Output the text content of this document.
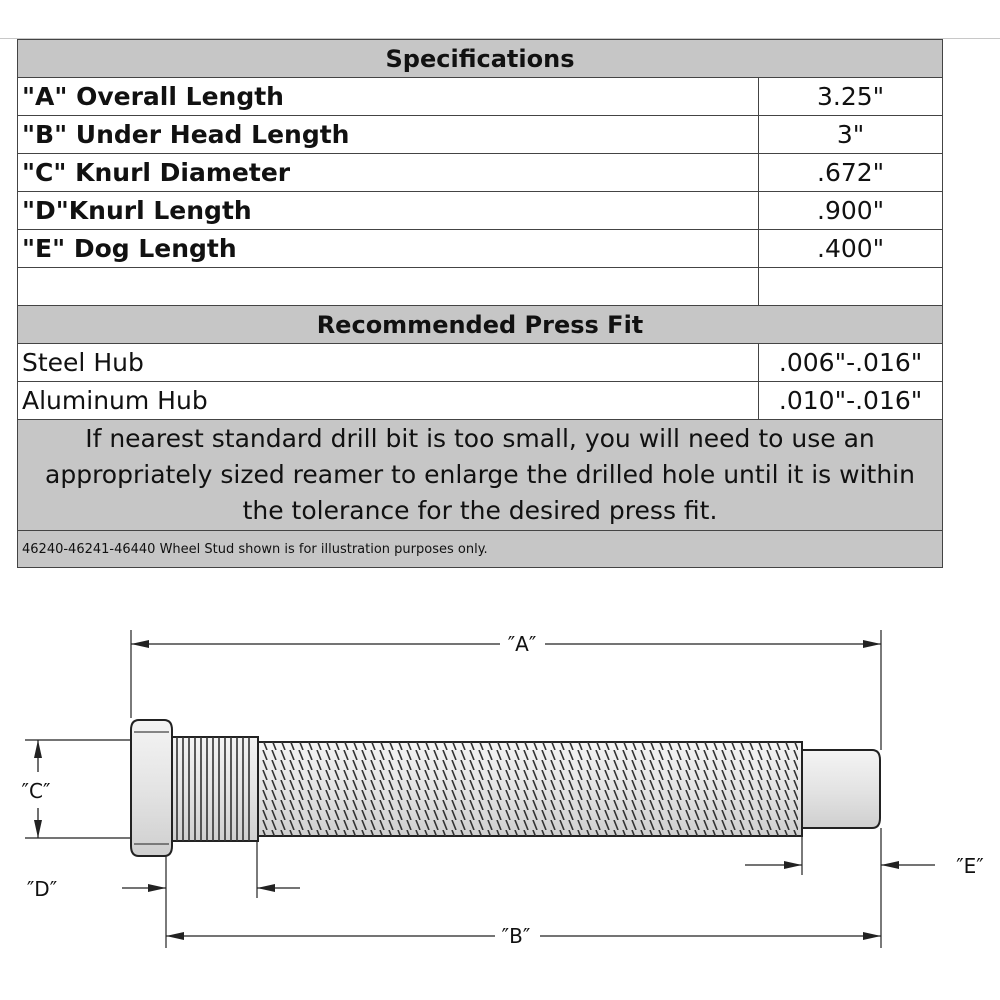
Specifications	
"A" Overall Length	3.25"
"B" Under Head Length	3"
"C" Knurl Diameter	.672"
"D"Knurl Length	.900"
"E" Dog Length	.400"

Recommended Press Fit	
Steel Hub	.006"-.016"
Aluminum Hub	.010"-.016"
If nearest standard drill bit is too small, you will need to use an appropriately sized reamer to enlarge the drilled hole until it is within the tolerance for the desired press fit.	
46240-46241-46440 Wheel Stud shown is for illustration purposes only.	
″A″
″C″
″D″
″E″
″B″
